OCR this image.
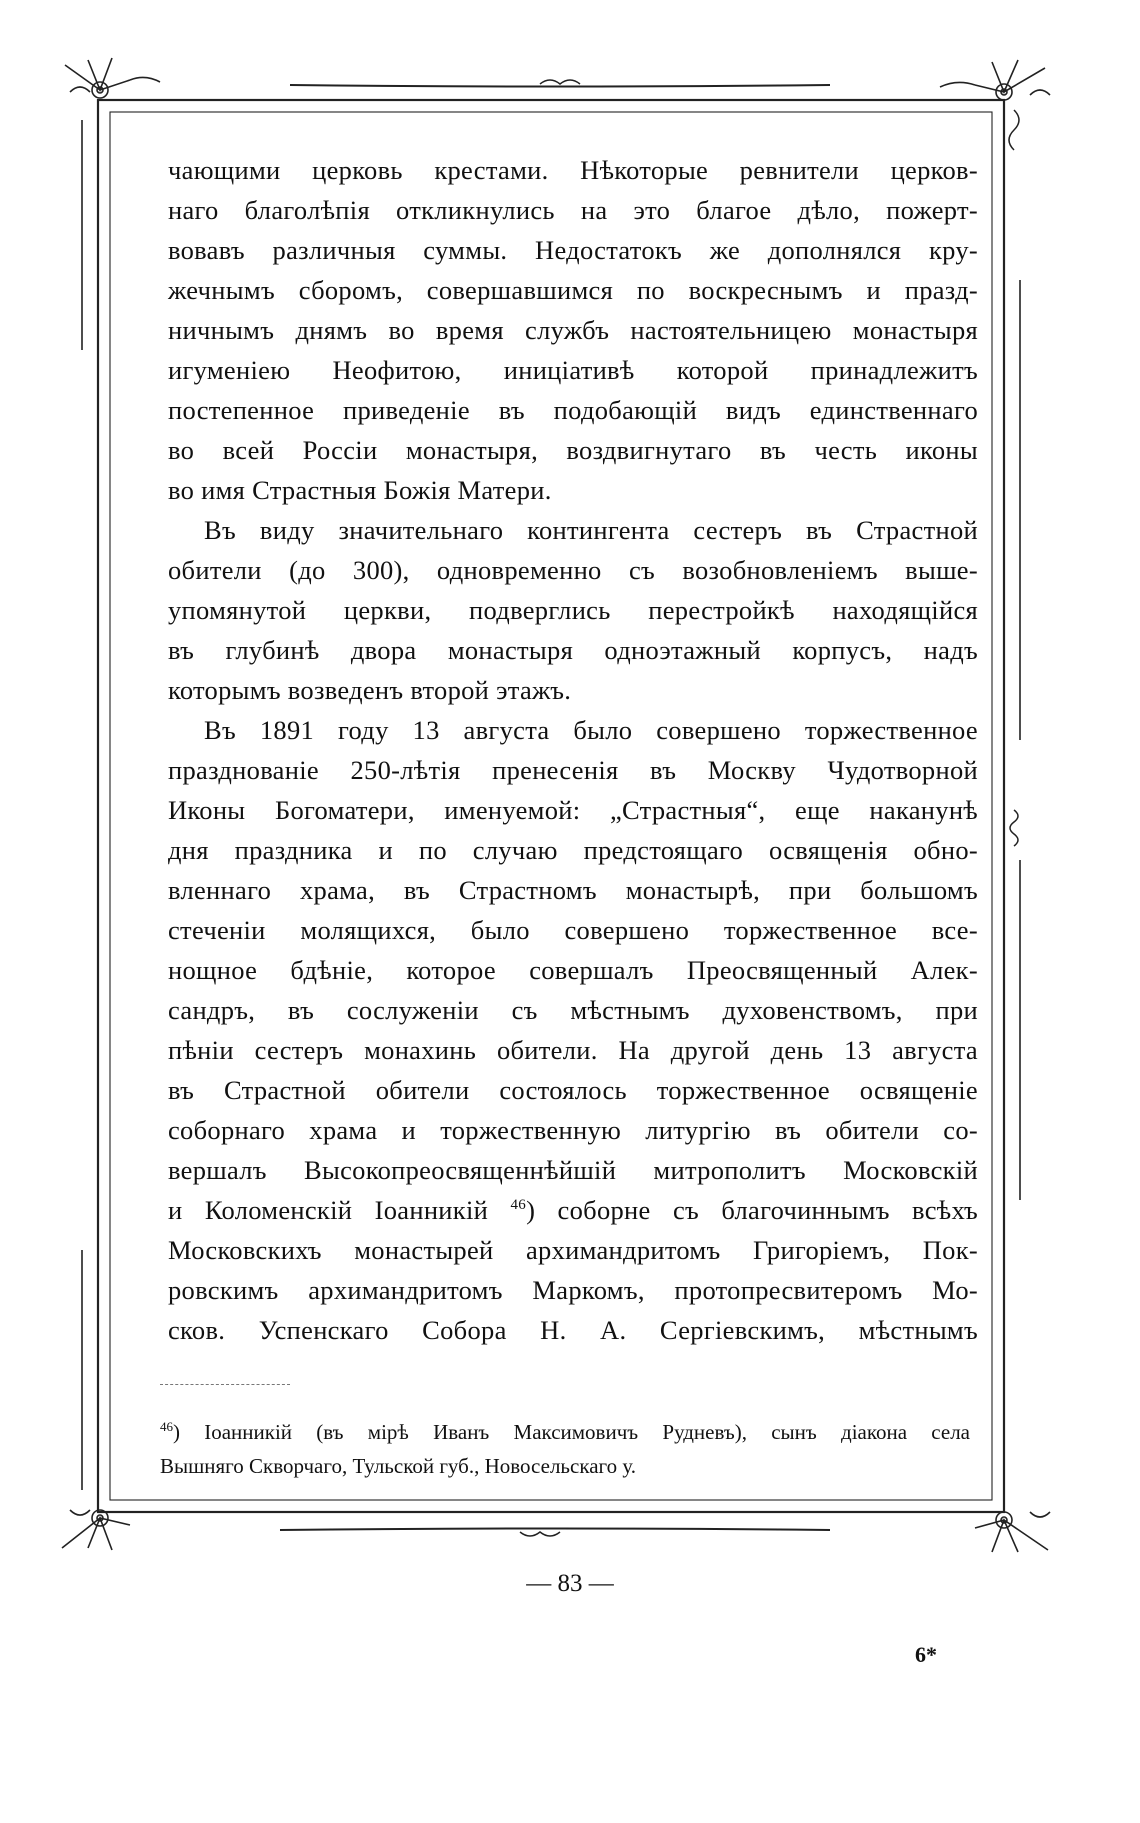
чающими церковь крестами. Нѣкоторые ревнители церков-
наго благолѣпія откликнулись на это благое дѣло, пожерт-
вовавъ различныя суммы. Недостатокъ же дополнялся кру-
жечнымъ сборомъ, совершавшимся по воскреснымъ и празд-
ничнымъ днямъ во время службъ настоятельницею монастыря
игуменіею Неофитою, иниціативѣ которой принадлежитъ
постепенное приведеніе въ подобающій видъ единственнаго
во всей Россіи монастыря, воздвигнутаго въ честь иконы
во имя Страстныя Божія Матери.
Въ виду значительнаго контингента сестеръ въ Страстной
обители (до 300), одновременно съ возобновленіемъ выше-
упомянутой церкви, подверглись перестройкѣ находящійся
въ глубинѣ двора монастыря одноэтажный корпусъ, надъ
которымъ возведенъ второй этажъ.
Въ 1891 году 13 августа было совершено торжественное
празднованіе 250-лѣтія пренесенія въ Москву Чудотворной
Иконы Богоматери, именуемой: „Страстныя“, еще наканунѣ
дня праздника и по случаю предстоящаго освященія обно-
вленнаго храма, въ Страстномъ монастырѣ, при большомъ
стеченіи молящихся, было совершено торжественное все-
нощное бдѣніе, которое совершалъ Преосвященный Алек-
сандръ, въ сослуженіи съ мѣстнымъ духовенствомъ, при
пѣніи сестеръ монахинь обители. На другой день 13 августа
въ Страстной обители состоялось торжественное освященіе
соборнаго храма и торжественную литургію въ обители со-
вершалъ Высокопреосвященнѣйшій митрополитъ Московскій
и Коломенскій Іоанникій $^{46}$) соборне съ благочиннымъ всѣхъ
Московскихъ монастырей архимандритомъ Григоріемъ, Пок-
ровскимъ архимандритомъ Маркомъ, протопресвитеромъ Мо-
сков. Успенскаго Собора Н. А. Сергіевскимъ, мѣстнымъ
$^{46}$) Іоанникій (въ мірѣ Иванъ Максимовичъ Рудневъ), сынъ діакона села
Вышняго Скворчаго, Тульской губ., Новосельскаго у.
— 83 —
6*
